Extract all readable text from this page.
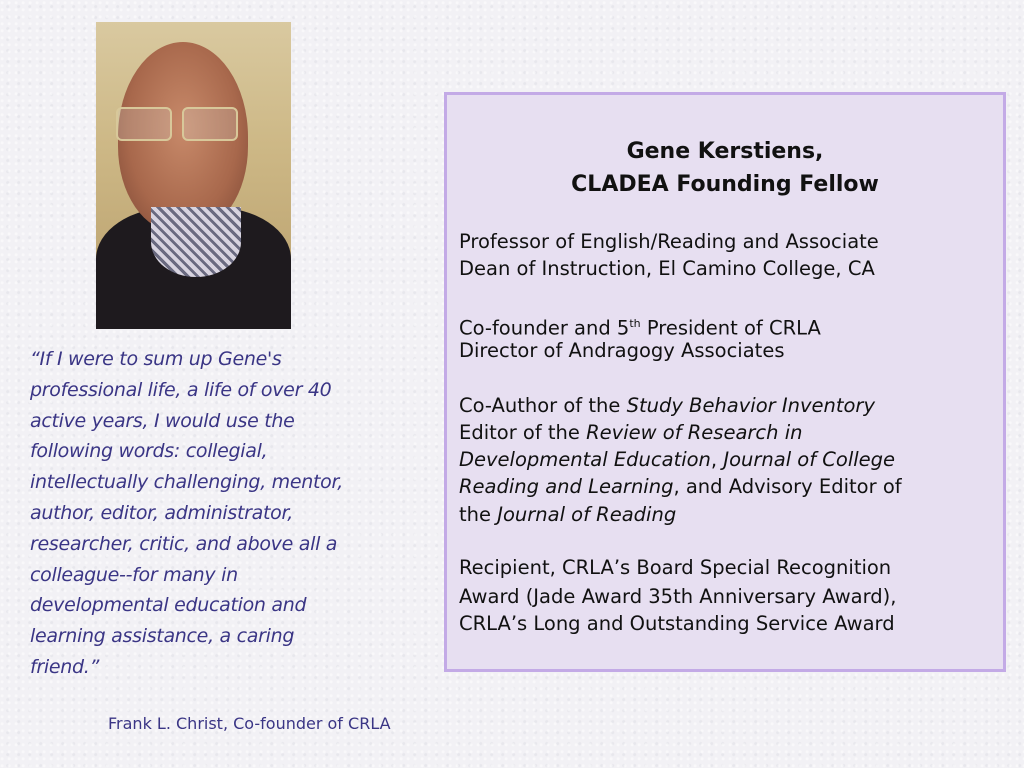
“If I were to sum up Gene's
professional life, a life of over 40
active years, I would use the
following words: collegial,
intellectually challenging, mentor,
author, editor, administrator,
researcher, critic, and above all a
colleague--for many in
developmental education and
learning assistance, a caring
friend.”
Frank L. Christ, Co-founder of CRLA
Gene Kerstiens,
CLADEA Founding Fellow
Professor of English/Reading and Associate
Dean of Instruction, El Camino College, CA
Co-founder and 5th President of CRLA
Director of Andragogy Associates
Co-Author of the Study Behavior Inventory
Editor of the Review of Research in
Developmental Education, Journal of College
Reading and Learning, and Advisory Editor of
the Journal of Reading
Recipient, CRLA’s Board Special Recognition
Award (Jade Award 35th Anniversary Award),
CRLA’s Long and Outstanding Service Award
